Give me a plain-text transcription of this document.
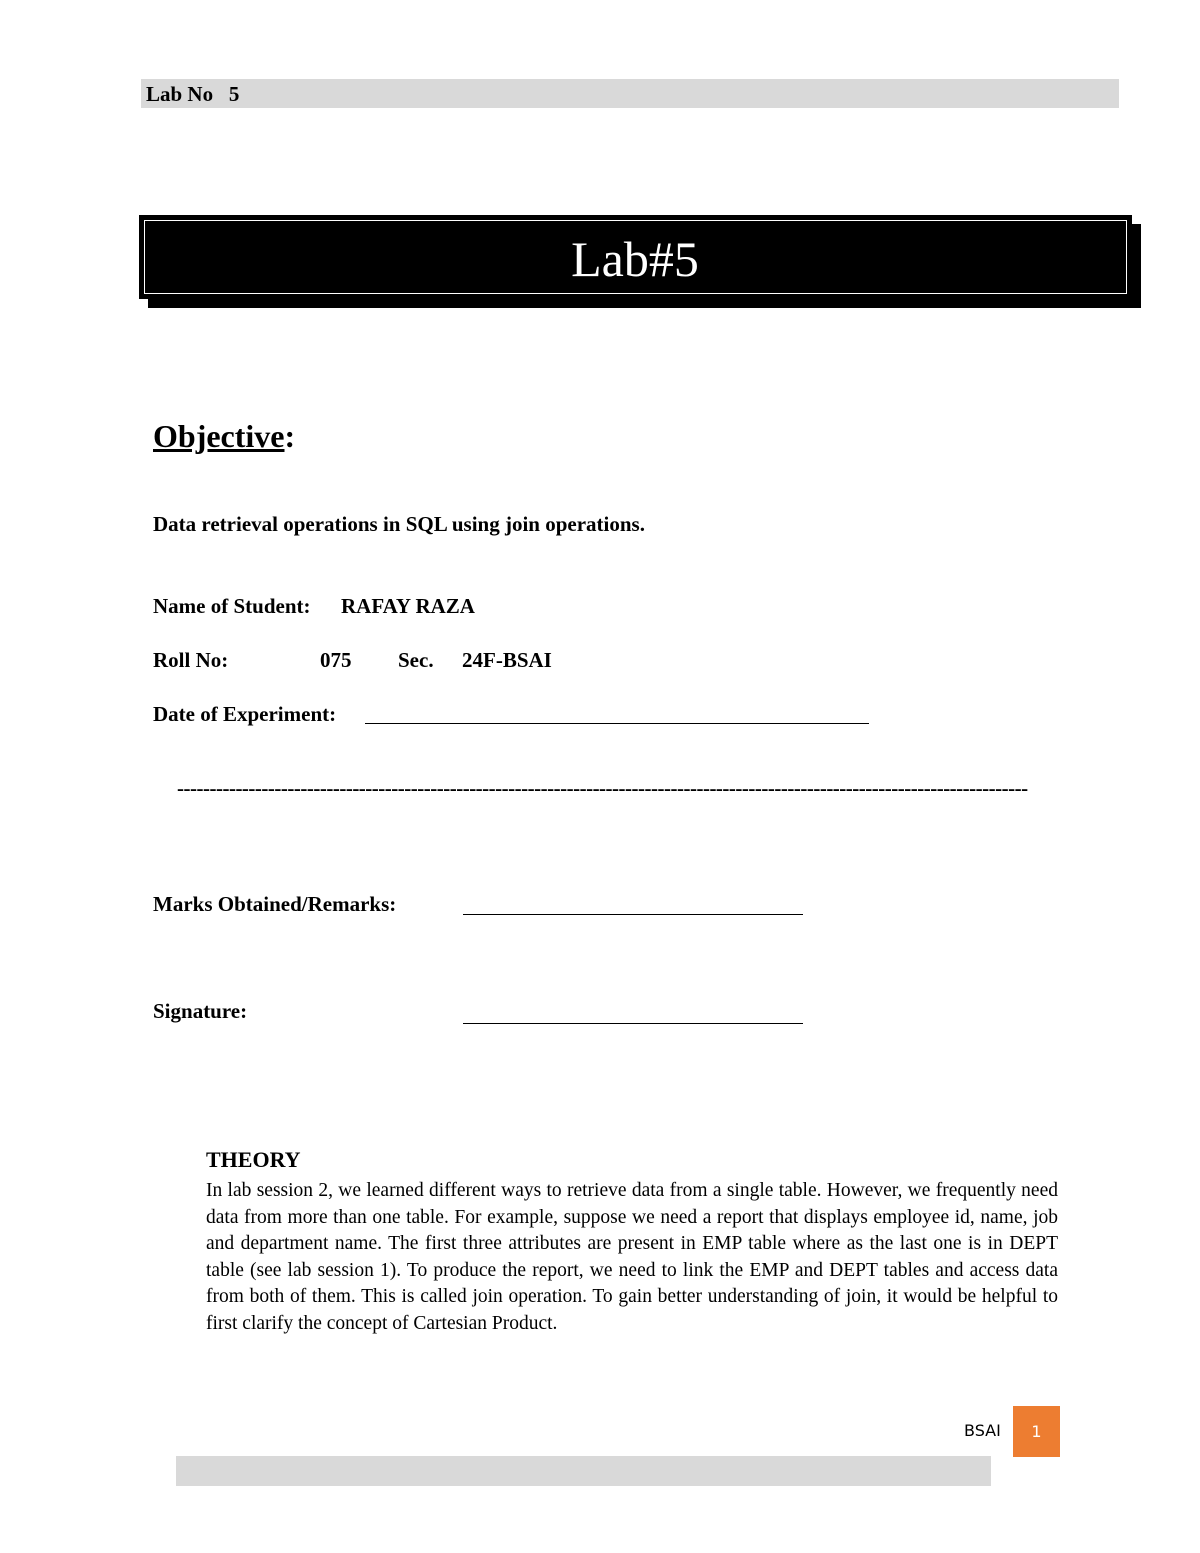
Lab No   5
Lab#5
Objective:
Data retrieval operations in SQL using join operations.
Name of Student: RAFAY RAZA
Roll No:	075 Sec. 24F-BSAI
Date of Experiment:
-----------------------------------------------------------------------------------------------------------------------------------
Marks Obtained/Remarks:
Signature:
THEORY
In lab session 2, we learned different ways to retrieve data from a single table. However, we frequently need data from more than one table. For example, suppose we need a report that displays employee id, name, job and department name. The first three attributes are present in EMP table where as the last one is in DEPT table (see lab session 1). To produce the report, we need to link the EMP and DEPT tables and access data from both of them. This is called join operation. To gain better understanding of join, it would be helpful to first clarify the concept of Cartesian Product.
BSAI 1
